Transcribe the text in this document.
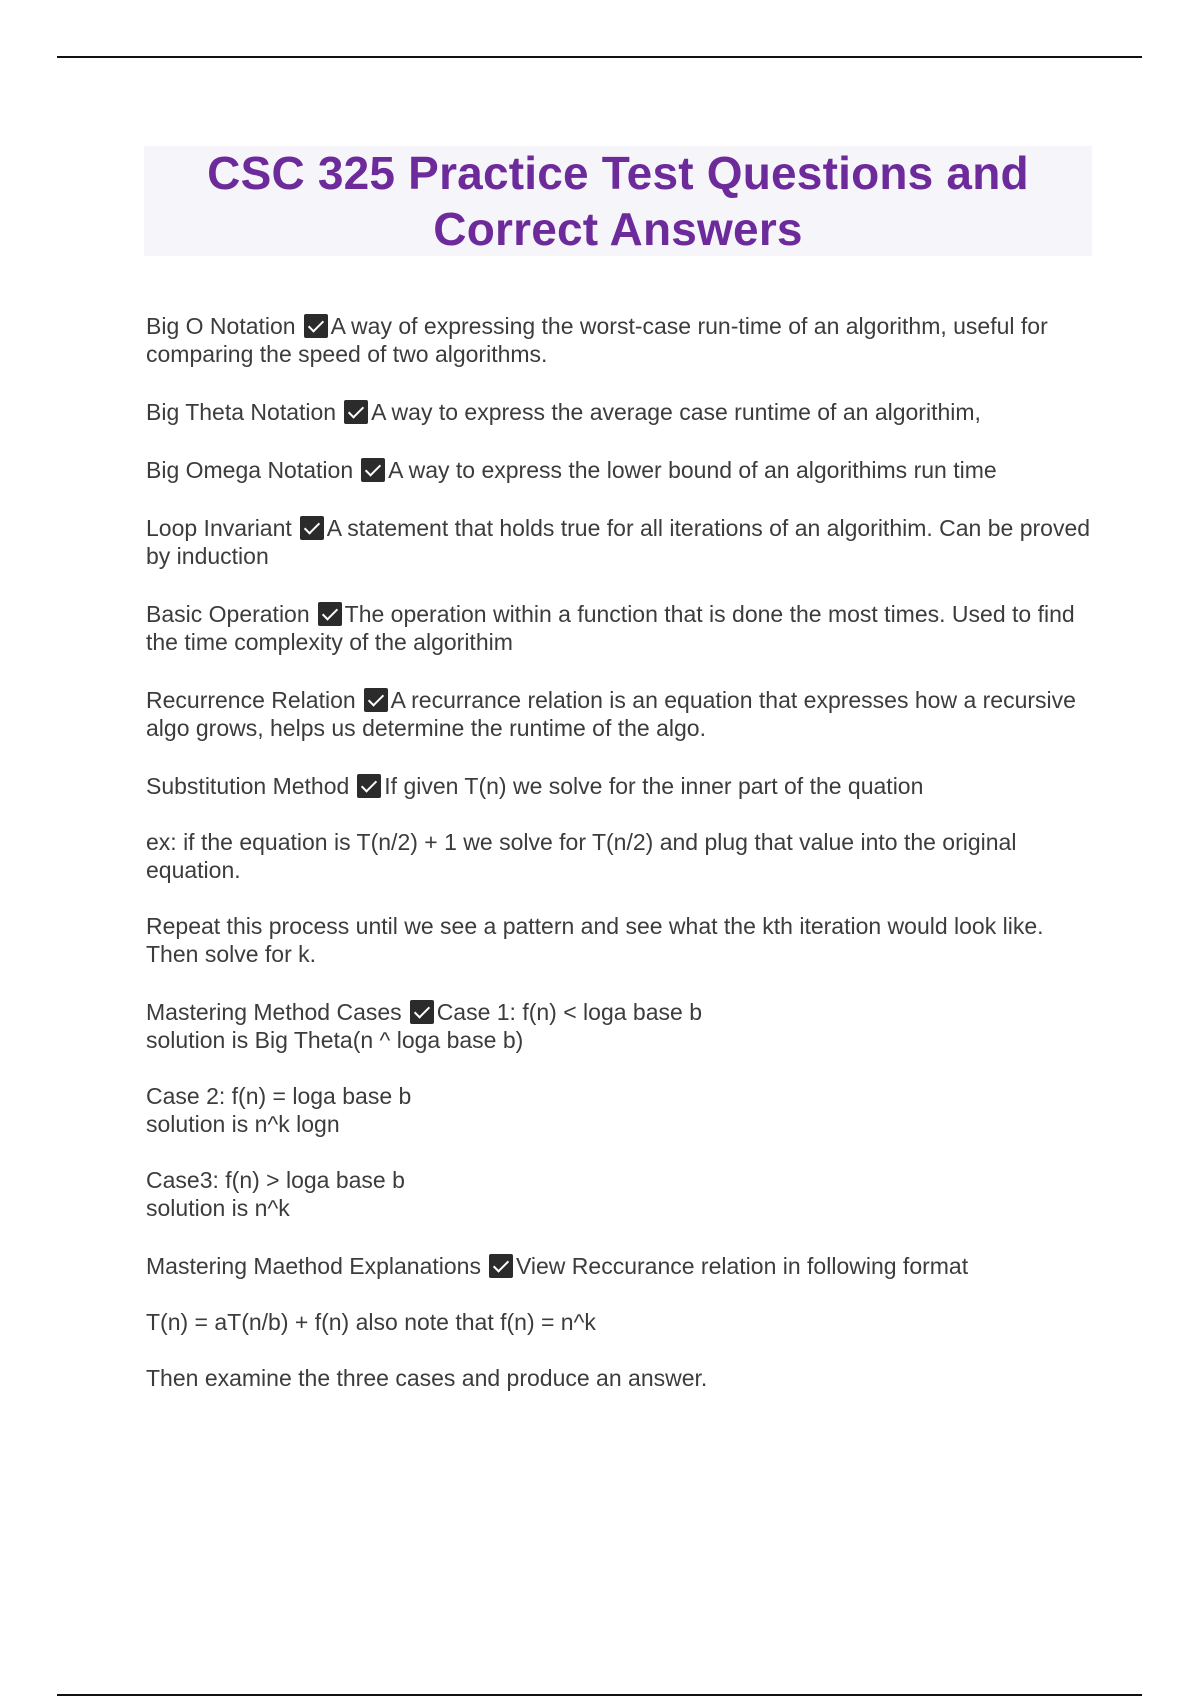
CSC 325 Practice Test Questions and Correct Answers

Big O Notation A way of expressing the worst-case run-time of an algorithm, useful for comparing the speed of two algorithms.

Big Theta Notation A way to express the average case runtime of an algorithim,

Big Omega Notation A way to express the lower bound of an algorithims run time

Loop Invariant A statement that holds true for all iterations of an algorithim. Can be proved by induction

Basic Operation The operation within a function that is done the most times. Used to find the time complexity of the algorithim

Recurrence Relation A recurrance relation is an equation that expresses how a recursive algo grows, helps us determine the runtime of the algo.

Substitution Method If given T(n) we solve for the inner part of the quation

ex: if the equation is T(n/2) + 1 we solve for T(n/2) and plug that value into the original equation.

Repeat this process until we see a pattern and see what the kth iteration would look like. Then solve for k.

Mastering Method Cases Case 1: f(n) < loga base b
solution is Big Theta(n ^ loga base b)

Case 2: f(n) = loga base b
solution is n^k logn

Case3: f(n) > loga base b
solution is n^k

Mastering Maethod Explanations View Reccurance relation in following format

T(n) = aT(n/b) + f(n) also note that f(n) = n^k

Then examine the three cases and produce an answer.
